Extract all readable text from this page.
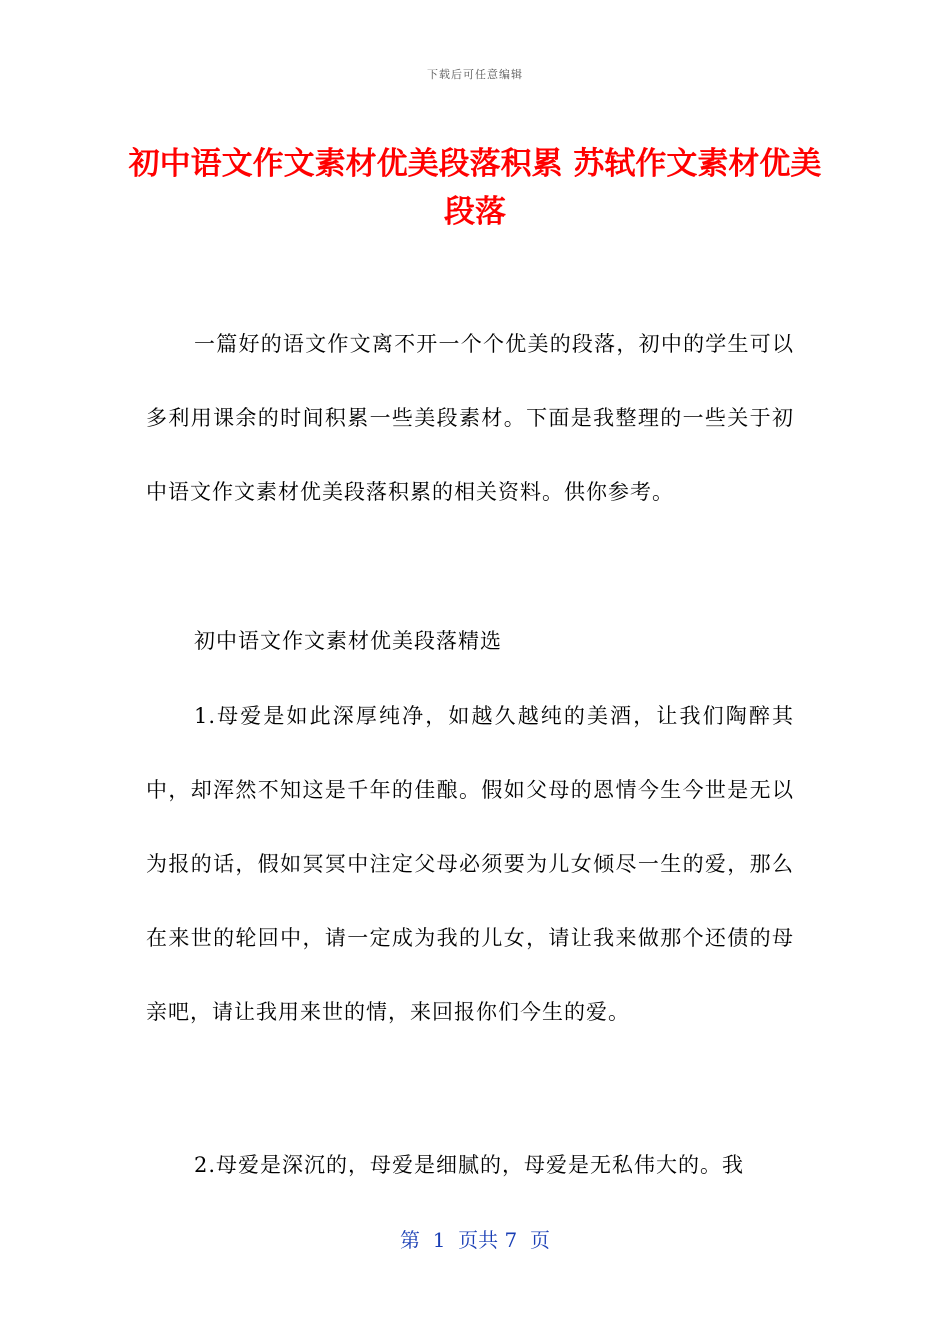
下载后可任意编辑
初中语文作文素材优美段落积累 苏轼作文素材优美段落

一篇好的语文作文离不开一个个优美的段落，初中的学生可以多利用课余的时间积累一些美段素材。下面是我整理的一些关于初中语文作文素材优美段落积累的相关资料。供你参考。

初中语文作文素材优美段落精选

1.母爱是如此深厚纯净，如越久越纯的美酒，让我们陶醉其中，却浑然不知这是千年的佳酿。假如父母的恩情今生今世是无以为报的话，假如冥冥中注定父母必须要为儿女倾尽一生的爱，那么在来世的轮回中，请一定成为我的儿女，请让我来做那个还债的母亲吧，请让我用来世的情，来回报你们今生的爱。

2.母爱是深沉的，母爱是细腻的，母爱是无私伟大的。我

第  1  页共 7  页
